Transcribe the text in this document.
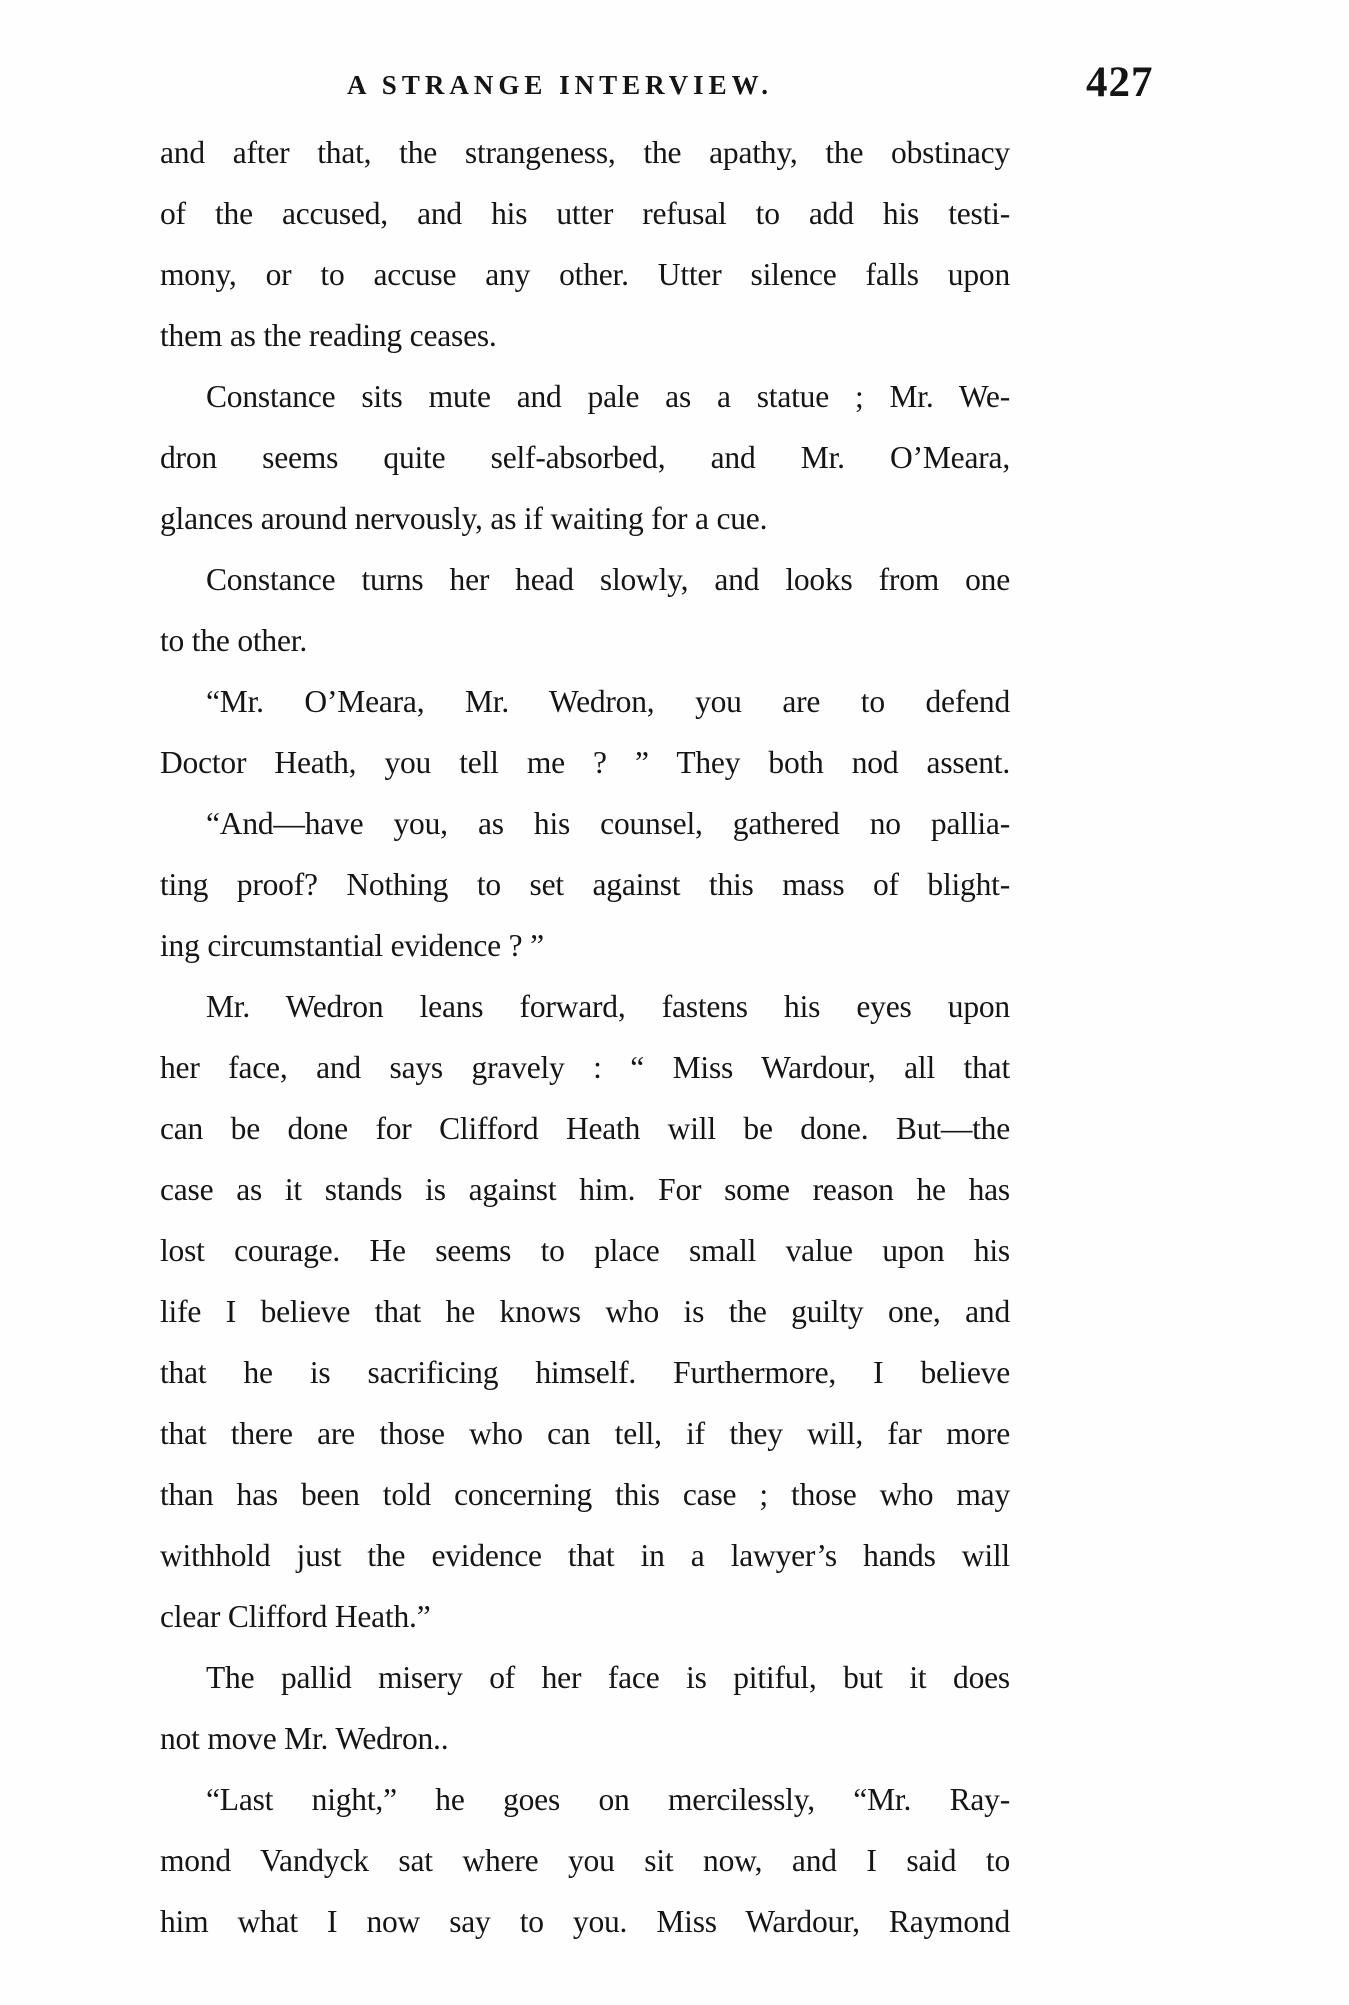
A STRANGE INTERVIEW.	427
and after that, the strangeness, the apathy, the obstinacy
of the accused, and his utter refusal to add his testi-
mony, or to accuse any other. Utter silence falls upon
them as the reading ceases.
Constance sits mute and pale as a statue ; Mr. We-
dron seems quite self-absorbed, and Mr. O’Meara,
glances around nervously, as if waiting for a cue.
Constance turns her head slowly, and looks from one
to the other.
“Mr. O’Meara, Mr. Wedron, you are to defend
Doctor Heath, you tell me ? ” They both nod assent.
“And—have you, as his counsel, gathered no pallia-
ting proof? Nothing to set against this mass of blight-
ing circumstantial evidence ? ”
Mr. Wedron leans forward, fastens his eyes upon
her face, and says gravely : “ Miss Wardour, all that
can be done for Clifford Heath will be done. But—the
case as it stands is against him. For some reason he has
lost courage. He seems to place small value upon his
life I believe that he knows who is the guilty one, and
that he is sacrificing himself. Furthermore, I believe
that there are those who can tell, if they will, far more
than has been told concerning this case ; those who may
withhold just the evidence that in a lawyer’s hands will
clear Clifford Heath.”
The pallid misery of her face is pitiful, but it does
not move Mr. Wedron..
“Last night,” he goes on mercilessly, “Mr. Ray-
mond Vandyck sat where you sit now, and I said to
him what I now say to you. Miss Wardour, Raymond
